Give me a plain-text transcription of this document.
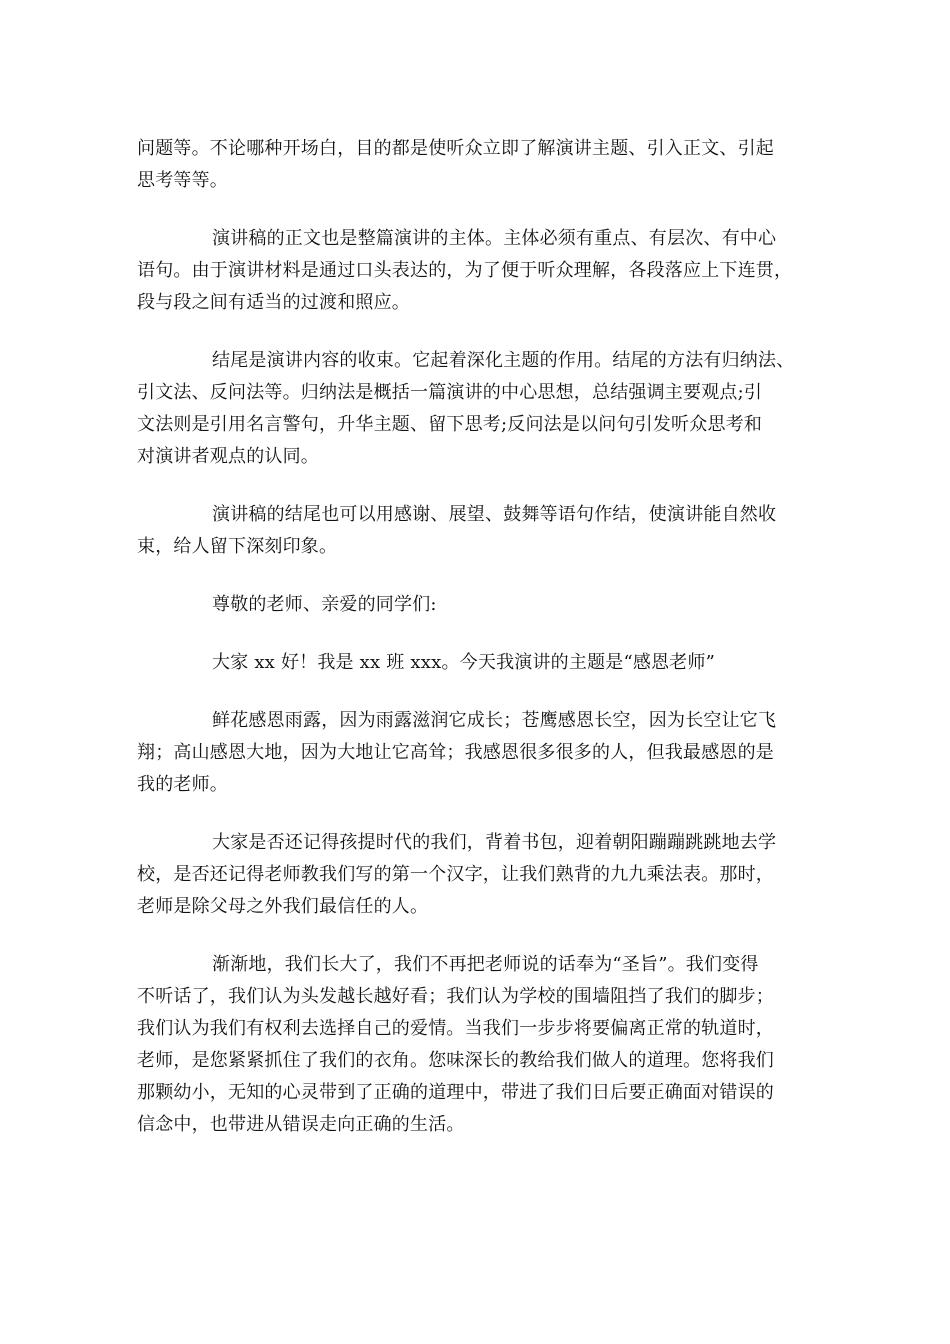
问题等。不论哪种开场白，目的都是使听众立即了解演讲主题、引入正文、引起
思考等等。
演讲稿的正文也是整篇演讲的主体。主体必须有重点、有层次、有中心
语句。由于演讲材料是通过口头表达的，为了便于听众理解，各段落应上下连贯，
段与段之间有适当的过渡和照应。
结尾是演讲内容的收束。它起着深化主题的作用。结尾的方法有归纳法、
引文法、反问法等。归纳法是概括一篇演讲的中心思想，总结强调主要观点;引
文法则是引用名言警句，升华主题、留下思考;反问法是以问句引发听众思考和
对演讲者观点的认同。
演讲稿的结尾也可以用感谢、展望、鼓舞等语句作结，使演讲能自然收
束，给人留下深刻印象。
尊敬的老师、亲爱的同学们:
大家 xx 好！我是 xx 班 xxx。今天我演讲的主题是“感恩老师”
鲜花感恩雨露，因为雨露滋润它成长；苍鹰感恩长空，因为长空让它飞
翔；高山感恩大地，因为大地让它高耸；我感恩很多很多的人，但我最感恩的是
我的老师。
大家是否还记得孩提时代的我们，背着书包，迎着朝阳蹦蹦跳跳地去学
校，是否还记得老师教我们写的第一个汉字，让我们熟背的九九乘法表。那时，
老师是除父母之外我们最信任的人。
渐渐地，我们长大了，我们不再把老师说的话奉为“圣旨”。我们变得
不听话了，我们认为头发越长越好看；我们认为学校的围墙阻挡了我们的脚步；
我们认为我们有权利去选择自己的爱情。当我们一步步将要偏离正常的轨道时，
老师，是您紧紧抓住了我们的衣角。您味深长的教给我们做人的道理。您将我们
那颗幼小，无知的心灵带到了正确的道理中，带进了我们日后要正确面对错误的
信念中，也带进从错误走向正确的生活。
